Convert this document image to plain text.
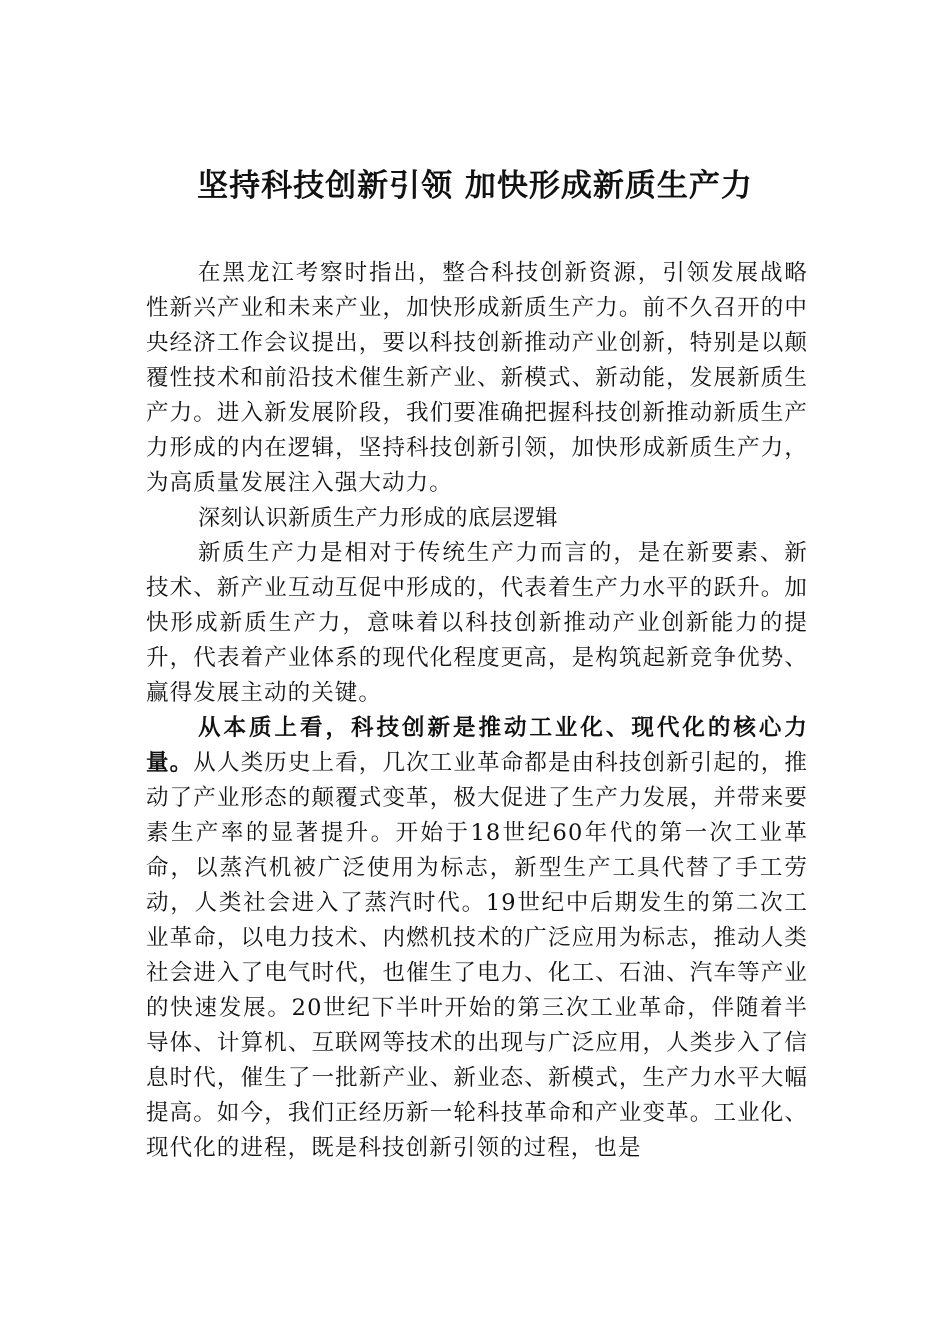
坚持科技创新引领 加快形成新质生产力

在黑龙江考察时指出，整合科技创新资源，引领发展战略性新兴产业和未来产业，加快形成新质生产力。前不久召开的中央经济工作会议提出，要以科技创新推动产业创新，特别是以颠覆性技术和前沿技术催生新产业、新模式、新动能，发展新质生产力。进入新发展阶段，我们要准确把握科技创新推动新质生产力形成的内在逻辑，坚持科技创新引领，加快形成新质生产力，为高质量发展注入强大动力。

深刻认识新质生产力形成的底层逻辑

新质生产力是相对于传统生产力而言的，是在新要素、新技术、新产业互动互促中形成的，代表着生产力水平的跃升。加快形成新质生产力，意味着以科技创新推动产业创新能力的提升，代表着产业体系的现代化程度更高，是构筑起新竞争优势、赢得发展主动的关键。

从本质上看，科技创新是推动工业化、现代化的核心力量。从人类历史上看，几次工业革命都是由科技创新引起的，推动了产业形态的颠覆式变革，极大促进了生产力发展，并带来要素生产率的显著提升。开始于18世纪60年代的第一次工业革命，以蒸汽机被广泛使用为标志，新型生产工具代替了手工劳动，人类社会进入了蒸汽时代。19世纪中后期发生的第二次工业革命，以电力技术、内燃机技术的广泛应用为标志，推动人类社会进入了电气时代，也催生了电力、化工、石油、汽车等产业的快速发展。20世纪下半叶开始的第三次工业革命，伴随着半导体、计算机、互联网等技术的出现与广泛应用，人类步入了信息时代，催生了一批新产业、新业态、新模式，生产力水平大幅提高。如今，我们正经历新一轮科技革命和产业变革。工业化、现代化的进程，既是科技创新引领的过程，也是
